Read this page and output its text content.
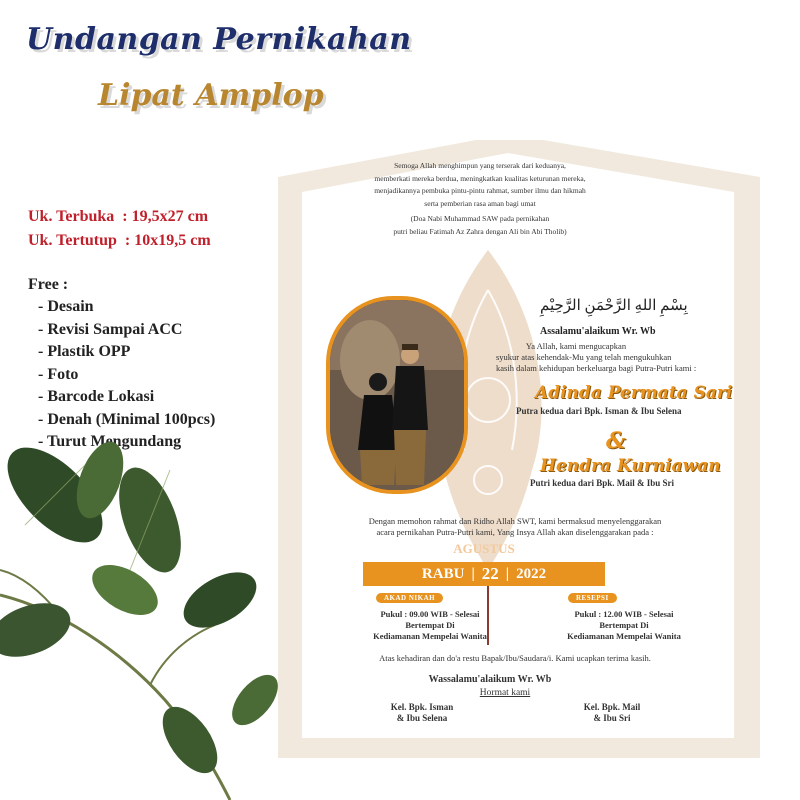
Undangan Pernikahan
Lipat Amplop
Uk. Terbuka  : 19,5x27 cm
Uk. Tertutup  : 10x19,5 cm
Free :
- Desain
- Revisi Sampai ACC
- Plastik OPP
- Foto
- Barcode Lokasi
- Denah (Minimal 100pcs)
- Turut Mengundang
Semoga Allah menghimpun yang terserak dari keduanya,
memberkati mereka berdua, meningkatkan kualitas keturunan mereka,
menjadikannya pembuka pintu-pintu rahmat, sumber ilmu dan hikmah
serta pemberian rasa aman bagi umat
(Doa Nabi Muhammad SAW pada pernikahan
putri beliau Fatimah Az Zahra dengan Ali bin Abi Tholib)
بِسْمِ اللهِ الرَّحْمَنِ الرَّحِيْمِ
Assalamu'alaikum Wr. Wb
Ya Allah, kami mengucapkan
syukur atas kehendak-Mu yang telah mengukuhkan
kasih dalam kehidupan berkeluarga bagi Putra-Putri kami :
Adinda Permata Sari
Putra kedua dari Bpk. Isman & Ibu Selena
&
Hendra Kurniawan
Putri kedua dari Bpk. Mail & Ibu Sri
Dengan memohon rahmat dan Ridho Allah SWT, kami bermaksud menyelenggarakan
acara pernikahan Putra-Putri kami, Yang Insya Allah akan diselenggarakan pada :
AGUSTUS
RABU | 22 | 2022
AKAD NIKAH
Pukul : 09.00 WIB - Selesai
Bertempat Di
Kediamanan Mempelai Wanita
RESEPSI
Pukul : 12.00 WIB - Selesai
Bertempat Di
Kediamanan Mempelai Wanita
Atas kehadiran dan do'a restu Bapak/Ibu/Saudara/i. Kami ucapkan terima kasih.
Wassalamu'alaikum Wr. Wb
Hormat kami
Kel. Bpk. Isman
& Ibu Selena
Kel. Bpk. Mail
& Ibu Sri
